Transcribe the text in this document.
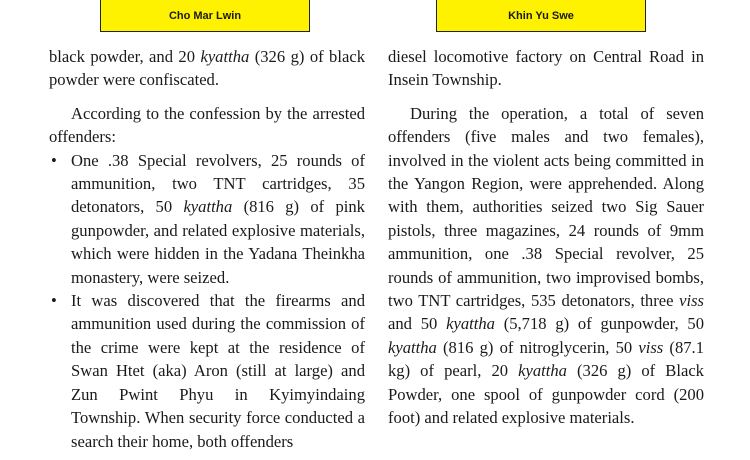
Cho Mar Lwin	Khin Yu Swe

black powder, and 20 kyattha (326 g) of black powder were confiscated.

According to the confession by the arrested offenders:

• One .38 Special revolvers, 25 rounds of ammunition, two TNT cartridges, 35 detonators, 50 kyattha (816 g) of pink gunpowder, and related explosive materials, which were hidden in the Yadana Theinkha monastery, were seized.

• It was discovered that the firearms and ammunition used during the commission of the crime were kept at the residence of Swan Htet (aka) Aron (still at large) and Zun Pwint Phyu in Kyimyindaing Township. When security force conducted a search their home, both offenders

diesel locomotive factory on Central Road in Insein Township.

During the operation, a total of seven offenders (five males and two females), involved in the violent acts being committed in the Yangon Region, were apprehended. Along with them, authorities seized two Sig Sauer pistols, three magazines, 24 rounds of 9mm ammunition, one .38 Special revolver, 25 rounds of ammunition, two improvised bombs, two TNT cartridges, 535 detonators, three viss and 50 kyattha (5,718 g) of gunpowder, 50 kyattha (816 g) of nitroglycerin, 50 viss (87.1 kg) of pearl, 20 kyattha (326 g) of Black Powder, one spool of gunpowder cord (200 foot) and related explosive materials.
